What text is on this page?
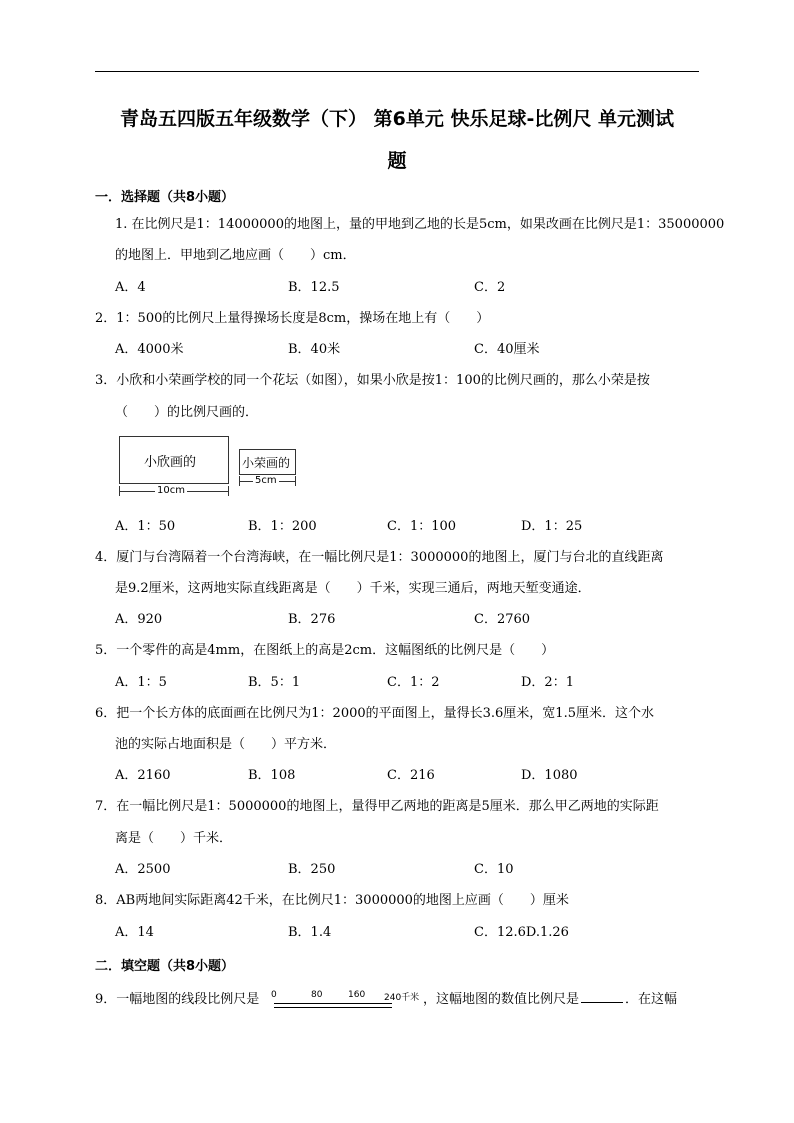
青岛五四版五年级数学（下） 第6单元 快乐足球-比例尺 单元测试
题
一．选择题（共8小题）
1. 在比例尺是1：14000000的地图上，量的甲地到乙地的长是5cm，如果改画在比例尺是1：35000000
的地图上．甲地到乙地应画（　　）cm．
A．4	B．12.5	C．2
2．1：500的比例尺上量得操场长度是8cm，操场在地上有（　　）
A．4000米	B．40米	C．40厘米
3．小欣和小荣画学校的同一个花坛（如图），如果小欣是按1：100的比例尺画的，那么小荣是按
（　　）的比例尺画的．
小欣画的
10cm
小荣画的
5cm
A．1：50	B．1：200	C．1：100	D．1：25
4．厦门与台湾隔着一个台湾海峡，在一幅比例尺是1：3000000的地图上，厦门与台北的直线距离
是9.2厘米，这两地实际直线距离是（　　）千米，实现三通后，两地天堑变通途．
A．920	B．276	C．2760
5．一个零件的高是4mm，在图纸上的高是2cm．这幅图纸的比例尺是（　　）
A．1：5	B．5：1	C．1：2	D．2：1
6．把一个长方体的底面画在比例尺为1：2000的平面图上，量得长3.6厘米，宽1.5厘米．这个水
池的实际占地面积是（　　）平方米．
A．2160	B．108	C．216	D．1080
7．在一幅比例尺是1：5000000的地图上，量得甲乙两地的距离是5厘米．那么甲乙两地的实际距
离是（　　）千米．
A．2500	B．250	C．10
8．AB两地间实际距离42千米，在比例尺1：3000000的地图上应画（　　）厘米
A．14	B．1.4	C．12.6D.1.26
二．填空题（共8小题）
9．一幅地图的线段比例尺是 0	80	160 240千米 ，这幅地图的数值比例尺是	．在这幅
